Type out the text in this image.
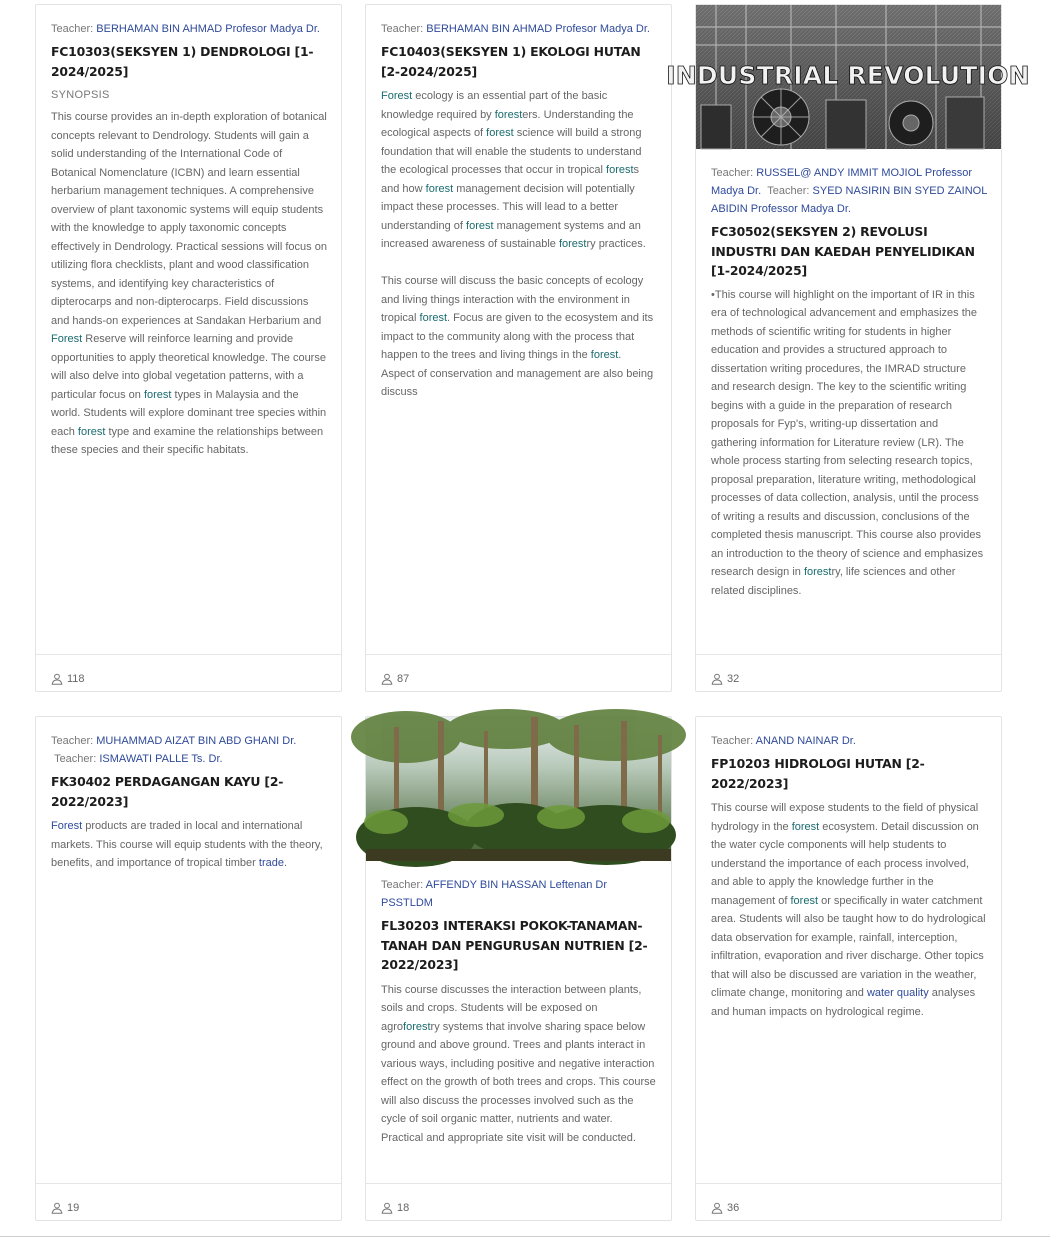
Teacher: BERHAMAN BIN AHMAD Profesor Madya Dr.
FC10303(SEKSYEN 1) DENDROLOGI [1-2024/2025]
SYNOPSIS
This course provides an in-depth exploration of botanical concepts relevant to Dendrology. Students will gain a solid understanding of the International Code of Botanical Nomenclature (ICBN) and learn essential herbarium management techniques. A comprehensive overview of plant taxonomic systems will equip students with the knowledge to apply taxonomic concepts effectively in Dendrology. Practical sessions will focus on utilizing flora checklists, plant and wood classification systems, and identifying key characteristics of dipterocarps and non-dipterocarps. Field discussions and hands-on experiences at Sandakan Herbarium and Forest Reserve will reinforce learning and provide opportunities to apply theoretical knowledge. The course will also delve into global vegetation patterns, with a particular focus on forest types in Malaysia and the world. Students will explore dominant tree species within each forest type and examine the relationships between these species and their specific habitats.
118
Teacher: BERHAMAN BIN AHMAD Profesor Madya Dr.
FC10403(SEKSYEN 1) EKOLOGI HUTAN [2-2024/2025]

Forest ecology is an essential part of the basic knowledge required by foresters. Understanding the ecological aspects of forest science will build a strong foundation that will enable the students to understand the ecological processes that occur in tropical forests and how forest management decision will potentially impact these processes. This will lead to a better understanding of forest management systems and an increased awareness of sustainable forestry practices.

This course will discuss the basic concepts of ecology and living things interaction with the environment in tropical forest. Focus are given to the ecosystem and its impact to the community along with the process that happen to the trees and living things in the forest. Aspect of conservation and management are also being discuss

87
INDUSTRIAL REVOLUTION
Teacher: RUSSEL@ ANDY IMMIT MOJIOL Professor Madya Dr. Teacher: SYED NASIRIN BIN SYED ZAINOL ABIDIN Professor Madya Dr.
FC30502(SEKSYEN 2) REVOLUSI INDUSTRI DAN KAEDAH PENYELIDIKAN [1-2024/2025]
•This course will highlight on the important of IR in this era of technological advancement and emphasizes the methods of scientific writing for students in higher education and provides a structured approach to dissertation writing procedures, the IMRAD structure and research design. The key to the scientific writing begins with a guide in the preparation of research proposals for Fyp's, writing-up dissertation and gathering information for Literature review (LR). The whole process starting from selecting research topics, proposal preparation, literature writing, methodological processes of data collection, analysis, until the process of writing a results and discussion, conclusions of the completed thesis manuscript. This course also provides an introduction to the theory of science and emphasizes research design in forestry, life sciences and other related disciplines.
32
Teacher: MUHAMMAD AIZAT BIN ABD GHANI Dr.  Teacher: ISMAWATI PALLE Ts. Dr.
FK30402 PERDAGANGAN KAYU [2-2022/2023]
Forest products are traded in local and international markets. This course will equip students with the theory, benefits, and importance of tropical timber trade.
19
Teacher: AFFENDY BIN HASSAN Leftenan Dr PSSTLDM
FL30203 INTERAKSI POKOK-TANAMAN-TANAH DAN PENGURUSAN NUTRIEN [2-2022/2023]
This course discusses the interaction between plants, soils and crops. Students will be exposed on agroforestry systems that involve sharing space below ground and above ground. Trees and plants interact in various ways, including positive and negative interaction effect on the growth of both trees and crops. This course will also discuss the processes involved such as the cycle of soil organic matter, nutrients and water. Practical and appropriate site visit will be conducted.
18
Teacher: ANAND NAINAR Dr.
FP10203 HIDROLOGI HUTAN [2-2022/2023]
This course will expose students to the field of physical hydrology in the forest ecosystem. Detail discussion on the water cycle components will help students to understand the importance of each process involved, and able to apply the knowledge further in the management of forest or specifically in water catchment area. Students will also be taught how to do hydrological data observation for example, rainfall, interception, infiltration, evaporation and river discharge. Other topics that will also be discussed are variation in the weather, climate change, monitoring and water quality analyses and human impacts on hydrological regime.
36
